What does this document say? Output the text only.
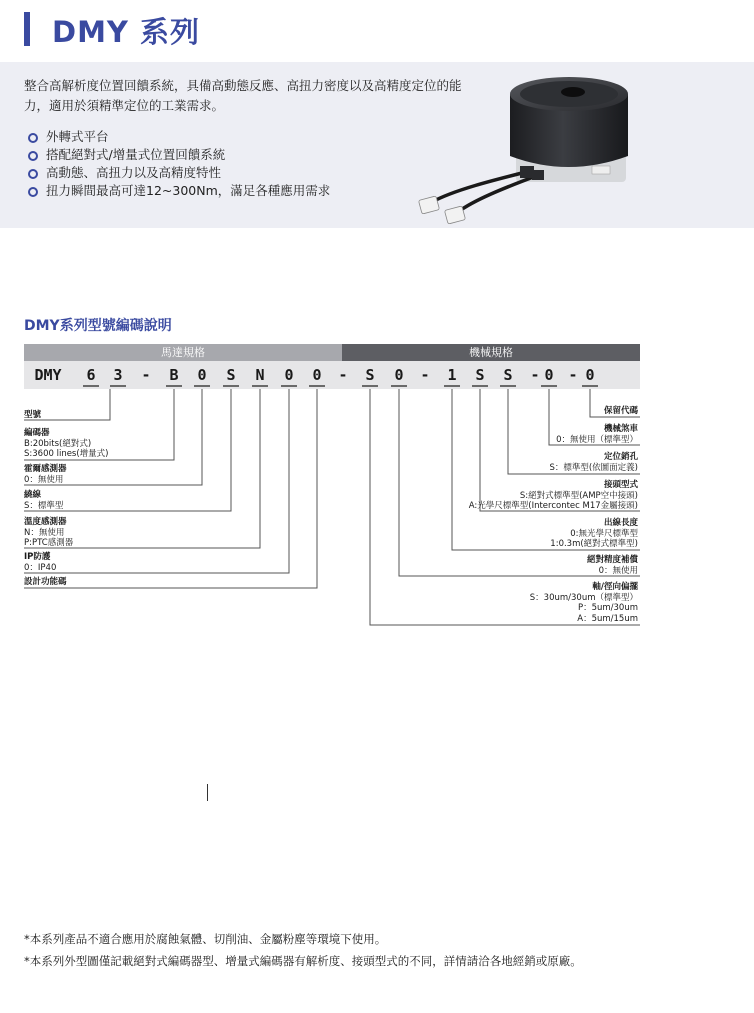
DMY 系列
整合高解析度位置回饋系統，具備高動態反應、高扭力密度以及高精度定位的能
力，適用於須精準定位的工業需求。
外轉式平台
搭配絕對式/增量式位置回饋系統
高動態、高扭力以及高精度特性
扭力瞬間最高可達12~300Nm，滿足各種應用需求
DMY系列型號編碼說明
馬達規格	機械規格
DMY 6 3 - B 0 S N 0 0 - S 0 - 1 S S - 0 - 0
型號
編碼器
B:20bits(絕對式)
S:3600 lines(增量式)
霍爾感測器
0：無使用
繞線
S：標準型
溫度感測器
N：無使用
P:PTC感測器
IP防護
0：IP40
設計功能碼
保留代碼
機械煞車
0：無使用（標準型）
定位銷孔
S：標準型(依圖面定義)
接頭型式
S:絕對式標準型(AMP空中接頭)
A:光學尺標準型(Intercontec M17金屬接頭)
出線長度
0:無光學尺標準型
1:0.3m(絕對式標準型)
絕對精度補償
0：無使用
軸/徑向偏擺
S：30um/30um（標準型）
P：5um/30um
A：5um/15um
*本系列產品不適合應用於腐蝕氣體、切削油、金屬粉塵等環境下使用。
*本系列外型圖僅記載絕對式編碼器型、增量式編碼器有解析度、接頭型式的不同，詳情請洽各地經銷或原廠。
